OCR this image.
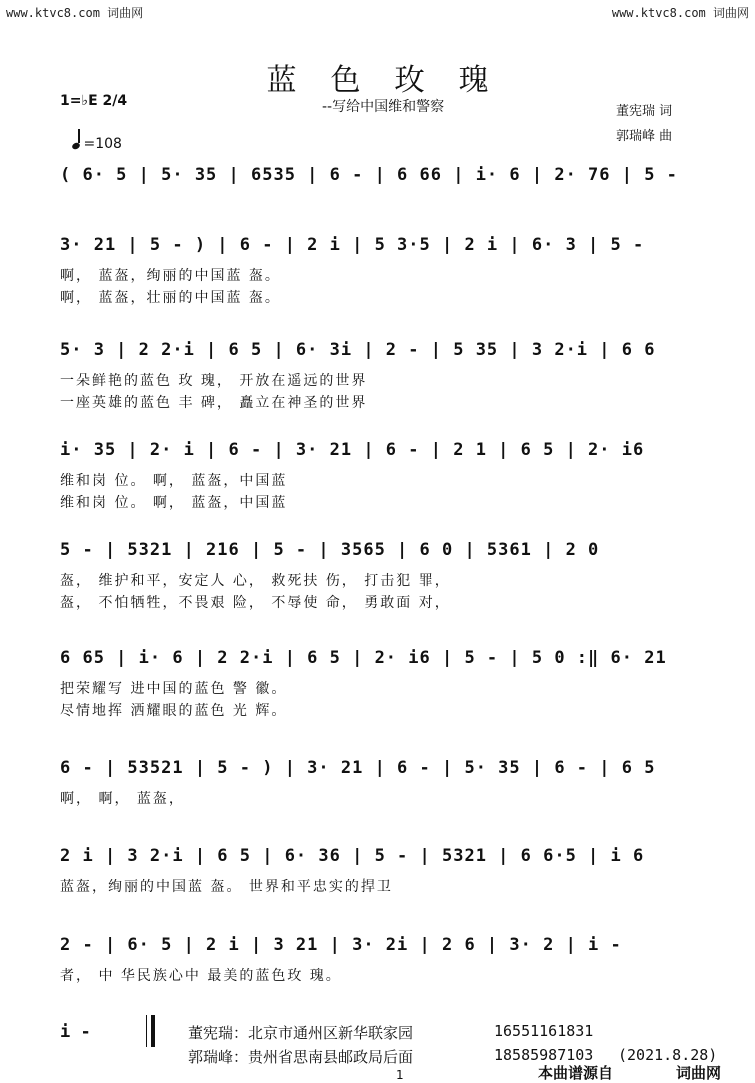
www.ktvc8.com 词曲网	www.ktvc8.com 词曲网
蓝色玫瑰
--写给中国维和警察	董宪瑞 词
郭瑞峰 曲
1=♭E 2/4
=108
( 6· 5 | 5· 35 | 6535 | 6 - | 6 66 | i· 6 | 2· 76 | 5 -
3· 21 | 5 - ) | 6 - | 2 i | 5 3·5 | 2 i | 6· 3 | 5 -
啊， 蓝盔，绚丽的中国蓝 盔。
啊， 蓝盔，壮丽的中国蓝 盔。
5· 3 | 2 2·i | 6 5 | 6· 3i | 2 - | 5 35 | 3 2·i | 6 6
一朵鲜艳的蓝色 玫 瑰， 开放在遥远的世界
一座英雄的蓝色 丰 碑， 矗立在神圣的世界
i· 35 | 2· i | 6 - | 3· 21 | 6 - | 2 1 | 6 5 | 2· i6
维和岗 位。 啊， 蓝盔，中国蓝
维和岗 位。 啊， 蓝盔，中国蓝
5 - | 5321 | 216 | 5 - | 3565 | 6 0 | 5361 | 2 0
盔， 维护和平，安定人 心， 救死扶 伤， 打击犯 罪，
盔， 不怕牺牲，不畏艰 险， 不辱使 命， 勇敢面 对，
6 65 | i· 6 | 2 2·i | 6 5 | 2· i6 | 5 - | 5 0 :‖ 6· 21
把荣耀写 进中国的蓝色 警 徽。
尽情地挥 洒耀眼的蓝色 光 辉。
6 - | 53521 | 5 - ) | 3· 21 | 6 - | 5· 35 | 6 - | 6 5
啊， 啊， 蓝盔，
2 i | 3 2·i | 6 5 | 6· 36 | 5 - | 5321 | 6 6·5 | i 6
蓝盔，绚丽的中国蓝 盔。 世界和平忠实的捍卫
2 - | 6· 5 | 2 i | 3 21 | 3· 2i | 2 6 | 3· 2 | i -
者， 中 华民族心中 最美的蓝色玫 瑰。
i -	董宪瑞：北京市通州区新华联家园	16551161831
郭瑞峰：贵州省思南县邮政局后面	18585987103 (2021.8.28)
1	本曲谱源自	词曲网
